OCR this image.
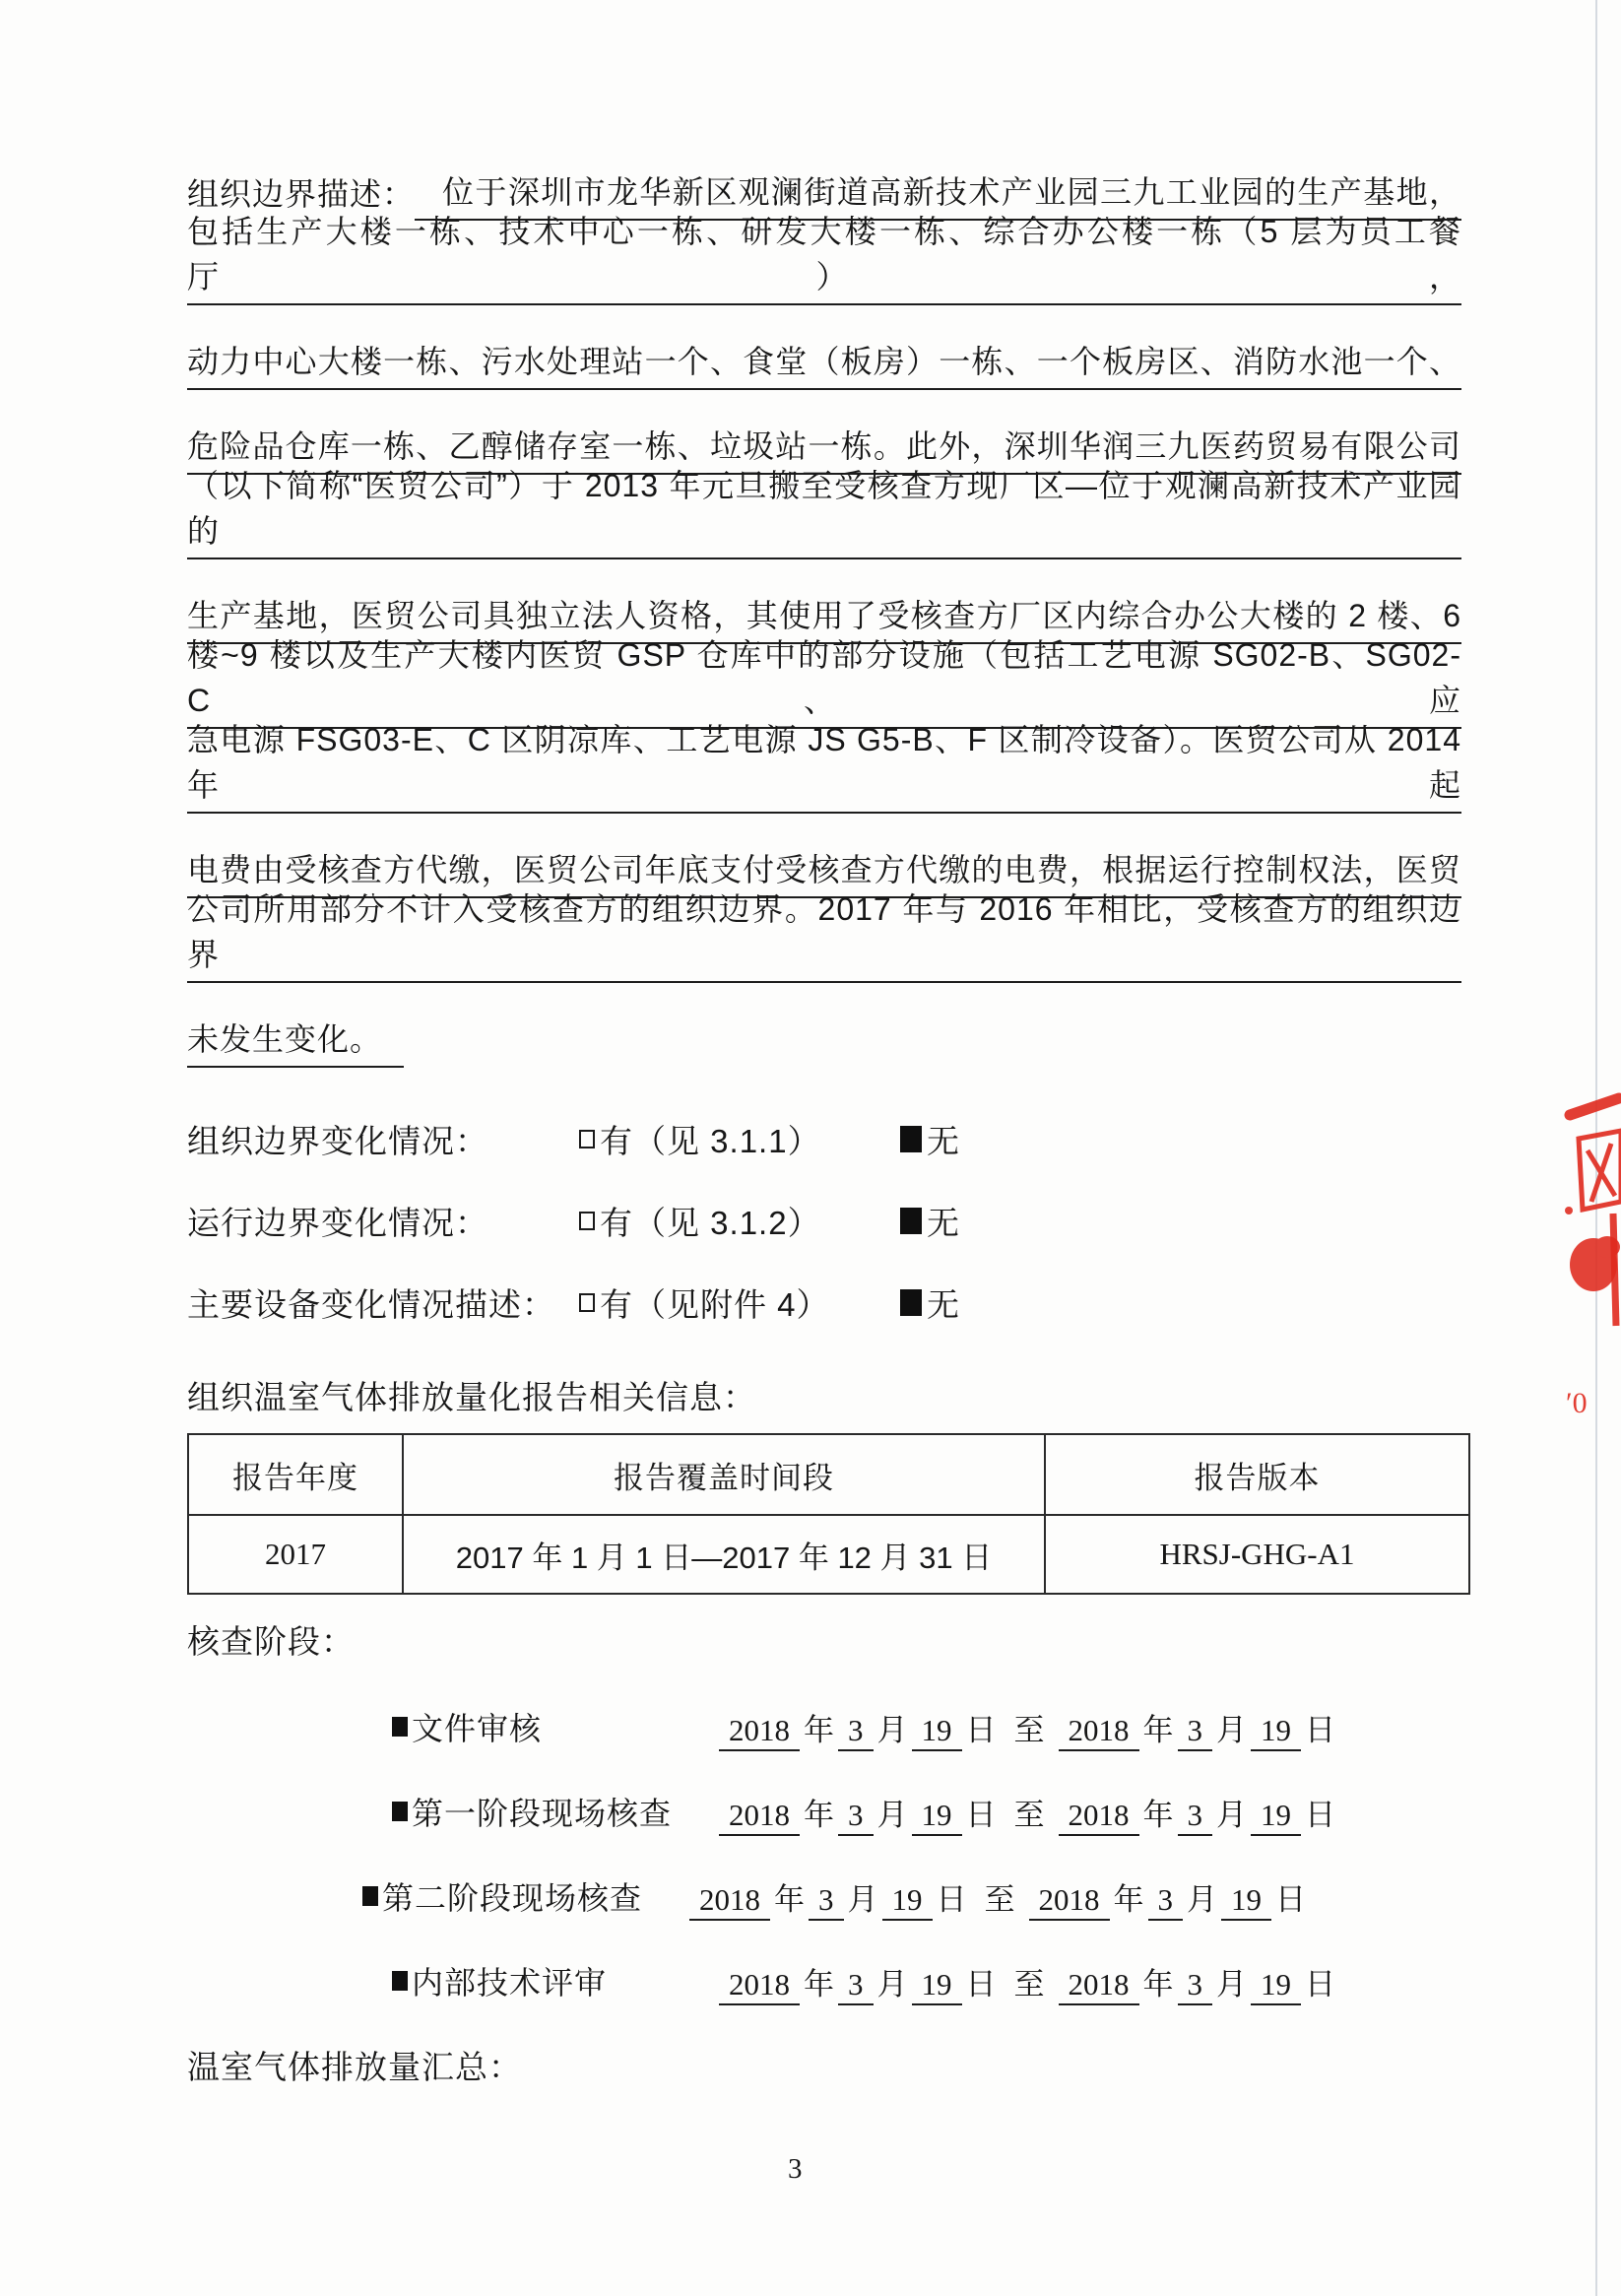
组织边界描述： 位于深圳市龙华新区观澜街道高新技术产业园三九工业园的生产基地，
包括生产大楼一栋、技术中心一栋、研发大楼一栋、综合办公楼一栋（5 层为员工餐厅），
动力中心大楼一栋、污水处理站一个、食堂（板房）一栋、一个板房区、消防水池一个、
危险品仓库一栋、乙醇储存室一栋、垃圾站一栋。此外，深圳华润三九医药贸易有限公司
（以下简称“医贸公司”）于 2013 年元旦搬至受核查方现厂区—位于观澜高新技术产业园的
生产基地，医贸公司具独立法人资格，其使用了受核查方厂区内综合办公大楼的 2 楼、6
楼~9 楼以及生产大楼内医贸 GSP 仓库中的部分设施（包括工艺电源 SG02-B、SG02-C、应
急电源 FSG03-E、C 区阴凉库、工艺电源 JS G5-B、F 区制冷设备）。医贸公司从 2014 年起
电费由受核查方代缴，医贸公司年底支付受核查方代缴的电费，根据运行控制权法，医贸
公司所用部分不计入受核查方的组织边界。2017 年与 2016 年相比，受核查方的组织边界
未发生变化。
组织边界变化情况：	有（见 3.1.1）	无
运行边界变化情况：	有（见 3.1.2）	无
主要设备变化情况描述： 有（见附件 4）	无
组织温室气体排放量化报告相关信息：
报告年度	报告覆盖时间段	报告版本
2017	2017 年 1 月 1 日—2017 年 12 月 31 日	HRSJ-GHG-A1
核查阶段：
文件审核	2018 年 3 月 19 日 至 2018 年 3 月 19 日
第一阶段现场核查	2018 年 3 月 19 日 至 2018 年 3 月 19 日
第二阶段现场核查	2018 年 3 月 19 日 至 2018 年 3 月 19 日
内部技术评审	2018 年 3 月 19 日 至 2018 年 3 月 19 日
温室气体排放量汇总：
3
′0
